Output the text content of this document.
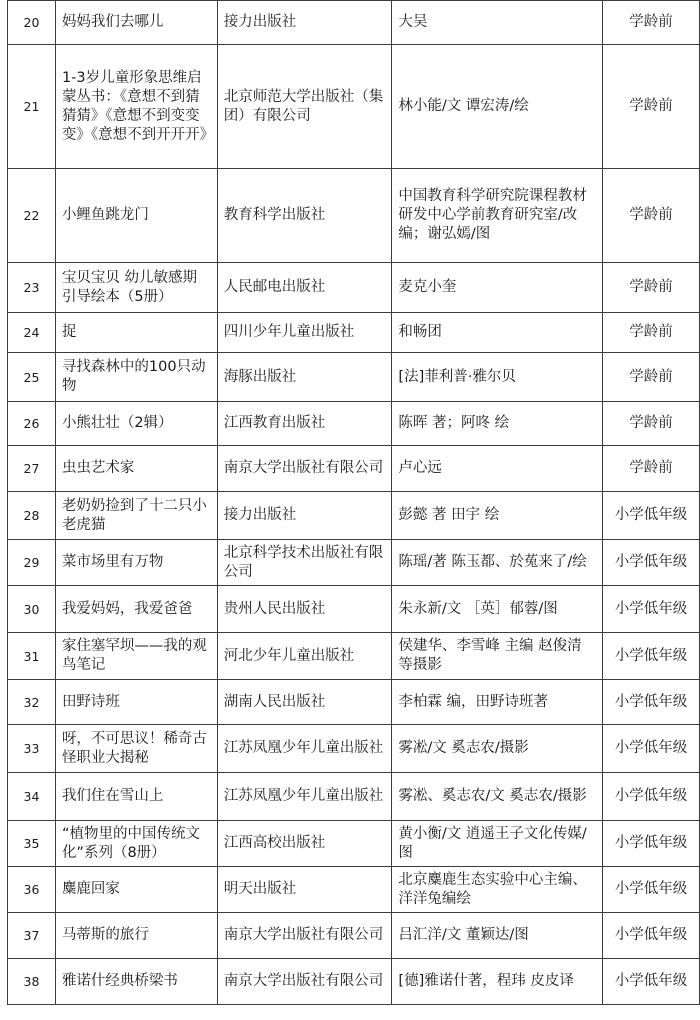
20	妈妈我们去哪儿	接力出版社	大吴	学龄前
21	1-3岁儿童形象思维启蒙丛书：《意想不到猜猜猜》《意想不到变变变》《意想不到开开开》	北京师范大学出版社（集团）有限公司	林小能/文 谭宏涛/绘	学龄前
22	小鲤鱼跳龙门	教育科学出版社	中国教育科学研究院课程教材研发中心学前教育研究室/改编；谢弘嫣/图	学龄前
23	宝贝宝贝 幼儿敏感期引导绘本（5册）	人民邮电出版社	麦克小奎	学龄前
24	捉	四川少年儿童出版社	和畅团	学龄前
25	寻找森林中的100只动物	海豚出版社	[法]菲利普·雅尔贝	学龄前
26	小熊壮壮（2辑）	江西教育出版社	陈晖 著；阿咚 绘	学龄前
27	虫虫艺术家	南京大学出版社有限公司	卢心远	学龄前
28	老奶奶捡到了十二只小老虎猫	接力出版社	彭懿 著 田宇 绘	小学低年级
29	菜市场里有万物	北京科学技术出版社有限公司	陈瑶/著 陈玉都、於菟来了/绘	小学低年级
30	我爱妈妈，我爱爸爸	贵州人民出版社	朱永新/文 ［英］郁蓉/图	小学低年级
31	家住塞罕坝——我的观鸟笔记	河北少年儿童出版社	侯建华、李雪峰 主编 赵俊清等摄影	小学低年级
32	田野诗班	湖南人民出版社	李柏霖 编，田野诗班著	小学低年级
33	呀，不可思议！稀奇古怪职业大揭秘	江苏凤凰少年儿童出版社	雾凇/文 奚志农/摄影	小学低年级
34	我们住在雪山上	江苏凤凰少年儿童出版社	雾凇、奚志农/文 奚志农/摄影	小学低年级
35	“植物里的中国传统文化”系列（8册）	江西高校出版社	黄小衡/文 逍遥王子文化传媒/图	小学低年级
36	麋鹿回家	明天出版社	北京麋鹿生态实验中心主编、洋洋兔编绘	小学低年级
37	马蒂斯的旅行	南京大学出版社有限公司	吕汇洋/文 董颖达/图	小学低年级
38	雅诺什经典桥梁书	南京大学出版社有限公司	[德]雅诺什著，程玮 皮皮译	小学低年级
